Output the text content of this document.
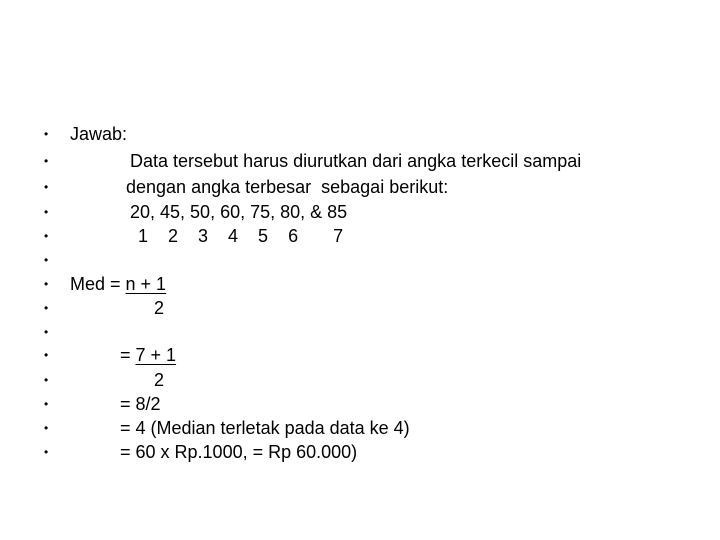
•

Jawab:

•

	Data tersebut harus diurutkan dari angka terkecil sampai

•

	dengan angka terbesar  sebagai berikut:

•

	20, 45, 50, 60, 75, 80, & 85

•

	1    2    3    4    5    6       7

•

•

Med = n + 1

•

	2

•

•

	= 7 + 1

•

	2

•

	= 8/2

•

	= 4 (Median terletak pada data ke 4)

•

	= 60 x Rp.1000, = Rp 60.000)
